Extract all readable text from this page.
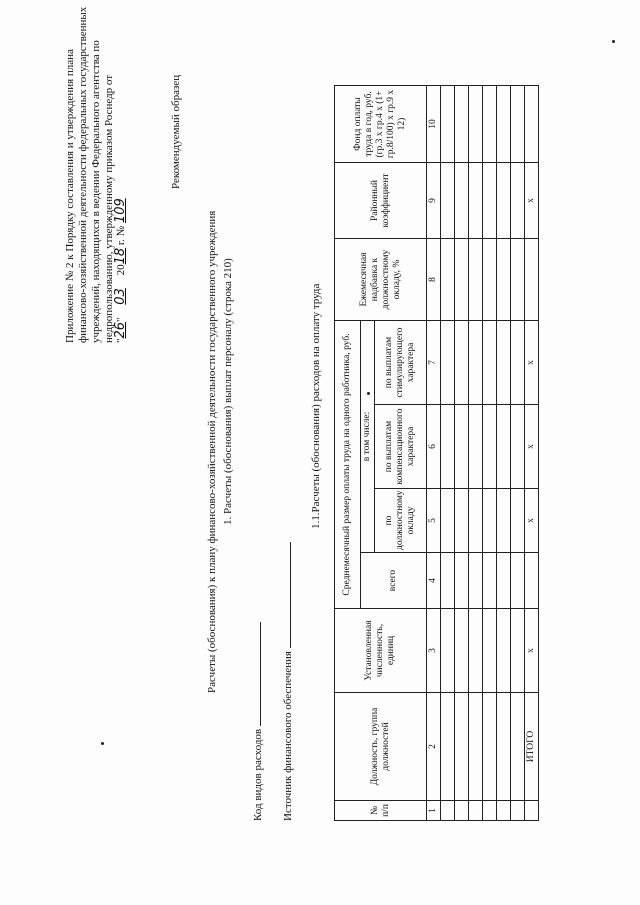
Приложение № 2 к Порядку составления и утверждения плана финансово-хозяйственной деятельности федеральных государственных учреждений, находящихся в ведении Федерального агентства по недропользованию, утвержденному приказом Роснедр от "26" 03 2018 г. № 109
Рекомендуемый образец
Расчеты (обоснования) к плану финансово-хозяйственной деятельности государственного учреждения 1. Расчеты (обоснования) выплат персоналу (строка 210)
Код видов расходов Источник финансового обеспечения
1.1.Расчеты (обоснования) расходов на оплату труда
№ п/п	Должность, группа должностей	Установленная численность, единиц	Среднемесячный размер оплаты труда на одного работника, руб.				Ежемесячная надбавка к должностному окладу, %	Районный коэффициент	Фонд оплаты труда в год, руб. (гр.3 х гр.4 х (1+ гр.8/100) х гр.9 х 12)
			всего	в том числе:					
				по должностному окладу	по выплатам компенсационного характера	по выплатам стимулирующего характера			
1	2	3	4	5	6	7	8	9	10

	ИТОГО	x		x	x	x		x	
